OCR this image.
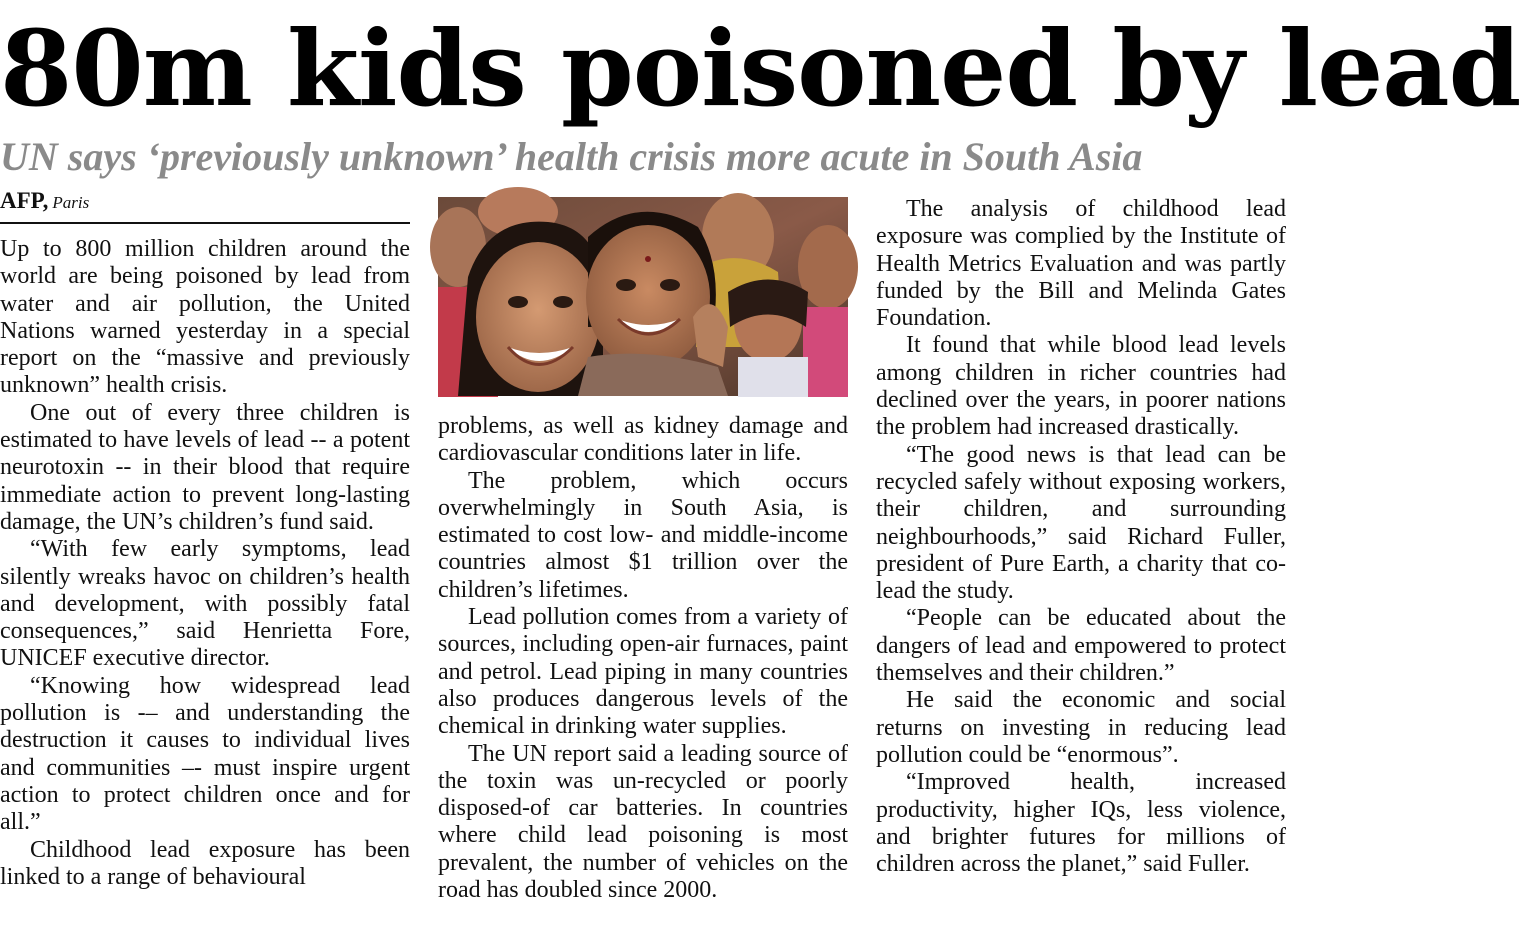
80m kids poisoned by lead
UN says ‘previously unknown’ health crisis more acute in South Asia
AFP, Paris

Up to 800 million children around the world are being poisoned by lead from water and air pollution, the United Nations warned yesterday in a special report on the “massive and previously unknown” health crisis.

One out of every three children is estimated to have levels of lead -- a potent neurotoxin -- in their blood that require immediate action to prevent long-lasting damage, the UN’s children’s fund said.

“With few early symptoms, lead silently wreaks havoc on children’s health and development, with possibly fatal consequences,” said Henrietta Fore, UNICEF executive director.

“Knowing how widespread lead pollution is -– and understanding the destruction it causes to individual lives and communities –- must inspire urgent action to protect children once and for all.”

Childhood lead exposure has been linked to a range of behavioural

problems, as well as kidney damage and cardiovascular conditions later in life.

The problem, which occurs overwhelmingly in South Asia, is estimated to cost low- and middle-income countries almost $1 trillion over the children’s lifetimes.

Lead pollution comes from a variety of sources, including open-air furnaces, paint and petrol. Lead piping in many countries also produces dangerous levels of the chemical in drinking water supplies.

The UN report said a leading source of the toxin was un-recycled or poorly disposed-of car batteries. In countries where child lead poisoning is most prevalent, the number of vehicles on the road has doubled since 2000.

The analysis of childhood lead exposure was complied by the Institute of Health Metrics Evaluation and was partly funded by the Bill and Melinda Gates Foundation.

It found that while blood lead levels among children in richer countries had declined over the years, in poorer nations the problem had increased drastically.

“The good news is that lead can be recycled safely without exposing workers, their children, and surrounding neighbourhoods,” said Richard Fuller, president of Pure Earth, a charity that co-lead the study.

“People can be educated about the dangers of lead and empowered to protect themselves and their children.”

He said the economic and social returns on investing in reducing lead pollution could be “enormous”.

“Improved health, increased productivity, higher IQs, less violence, and brighter futures for millions of children across the planet,” said Fuller.
